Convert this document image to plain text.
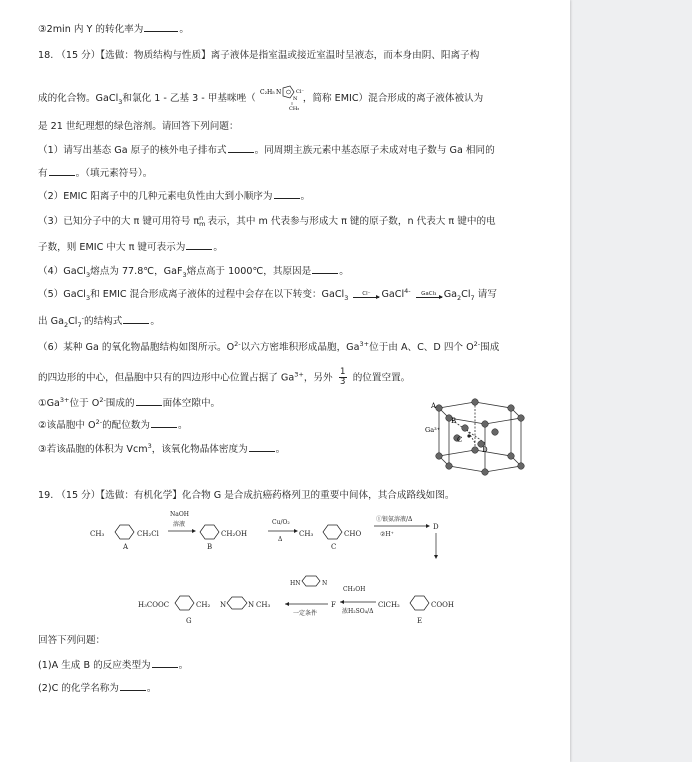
③2min 内 Y 的转化率为	。
18. （15 分）【选做：物质结构与性质】离子液体是指室温或接近室温时呈液态，而本身由阴、阳离子构
成的化合物。GaCl$_3$和氯化 1 - 乙基 3 - 甲基咪唑（
C₂H₅ N
N
Cl⁻
CH₃
，简称 EMIC）混合形成的离子液体被认为
是 21 世纪理想的绿色溶剂。请回答下列问题：
（1）请写出基态 Ga 原子的核外电子排布式	。同周期主族元素中基态原子未成对电子数与 Ga 相同的
有	。（填元素符号）。
（2）EMIC 阳离子中的几种元素电负性由大到小顺序为	。
（3）已知分子中的大 π 键可用符号 π n
m 表示，其中 m 代表参与形成大 π 键的原子数，n 代表大 π 键中的电
子数，则 EMIC 中大 π 键可表示为	。
（4）GaCl$_3$熔点为 77.8℃，GaF$_3$熔点高于 1000℃，其原因是	。
（5）GaCl$_3$和 EMIC 混合形成离子液体的过程中会存在以下转变：GaCl$_3$
Cl⁻ GaCl$^{4-}$ GaCl₃ $Ga_2Cl_7$ 请写
出 $Ga_2Cl_7^-$的结构式	。
（6）某种 Ga 的氧化物晶胞结构如图所示。$O^{2-}$以六方密堆积形成晶胞，$Ga^{3+}$位于由 A、C、D 四个 $O^{2-}$围成
的四边形的中心，但晶胞中只有的四边形中心位置占据了 $Ga^{3+}$，另外 $\frac{1}{3}$ 的位置空置。
$①Ga^{3+}$位于 $O^{2-}$围成的	面体空隙中。
②该晶胞中 $O^{2-}$的配位数为	。
③若该晶胞的体积为 Vcm$^3$，该氧化物晶体密度为	。
A
B
C
D
Ga³⁺
19. （15 分）【选做：有机化学】化合物 G 是合成抗癌药格列卫的重要中间体，其合成路线如图。
CH₃	CH₂Cl
A
NaOH
溶液
CH₂OH
B
Cu/O₂
Δ
CH₃	CHO
C
①银氨溶液/Δ
②H⁺
D
H₃COOC	CH₂ N	N CH₃
G
HN	N
一定条件
F
CH₃OH
浓H₂SO₄/Δ
ClCH₂	COOH
E
回答下列问题：
(1)A 生成 B 的反应类型为	。
(2)C 的化学名称为	。
